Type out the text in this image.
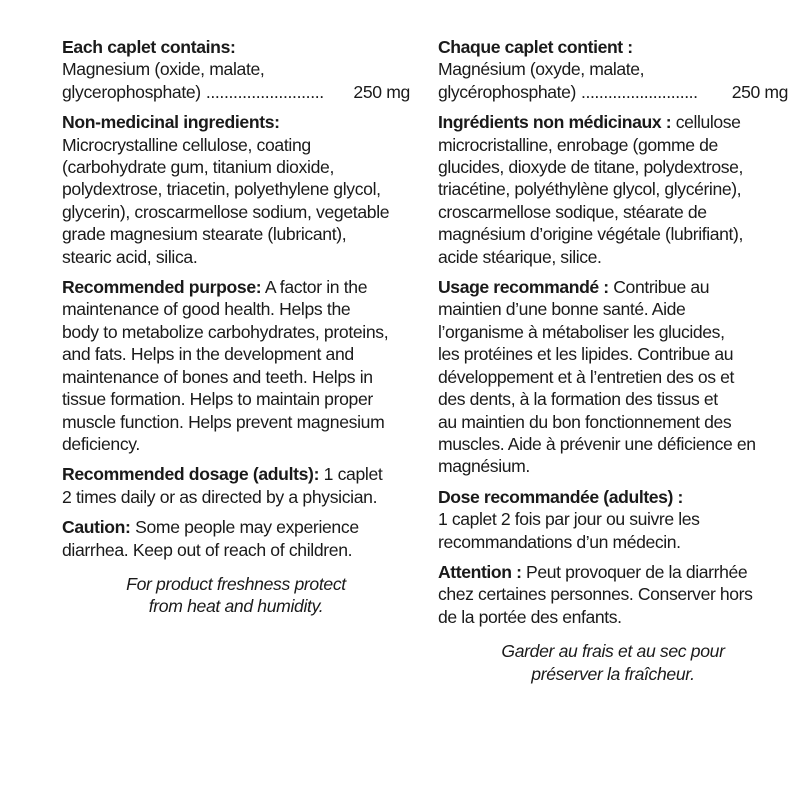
Each caplet contains:
Magnesium (oxide, malate,
glycerophosphate) ..........................	250 mg
Non-medicinal ingredients:
Microcrystalline cellulose, coating
(carbohydrate gum, titanium dioxide,
polydextrose, triacetin, polyethylene glycol,
glycerin), croscarmellose sodium, vegetable
grade magnesium stearate (lubricant),
stearic acid, silica.
Recommended purpose: A factor in the
maintenance of good health. Helps the
body to metabolize carbohydrates, proteins,
and fats. Helps in the development and
maintenance of bones and teeth. Helps in
tissue formation. Helps to maintain proper
muscle function. Helps prevent magnesium
deficiency.
Recommended dosage (adults): 1 caplet
2 times daily or as directed by a physician.
Caution: Some people may experience
diarrhea. Keep out of reach of children.
For product freshness protect
from heat and humidity.
Chaque caplet contient :
Magnésium (oxyde, malate,
glycérophosphate) ..........................	250 mg
Ingrédients non médicinaux : cellulose
microcristalline, enrobage (gomme de
glucides, dioxyde de titane, polydextrose,
triacétine, polyéthylène glycol, glycérine),
croscarmellose sodique, stéarate de
magnésium d’origine végétale (lubrifiant),
acide stéarique, silice.
Usage recommandé : Contribue au
maintien d’une bonne santé. Aide
l’organisme à métaboliser les glucides,
les protéines et les lipides. Contribue au
développement et à l’entretien des os et
des dents, à la formation des tissus et
au maintien du bon fonctionnement des
muscles. Aide à prévenir une déficience en
magnésium.
Dose recommandée (adultes) :
1 caplet 2 fois par jour ou suivre les
recommandations d’un médecin.
Attention : Peut provoquer de la diarrhée
chez certaines personnes. Conserver hors
de la portée des enfants.
Garder au frais et au sec pour
préserver la fraîcheur.
